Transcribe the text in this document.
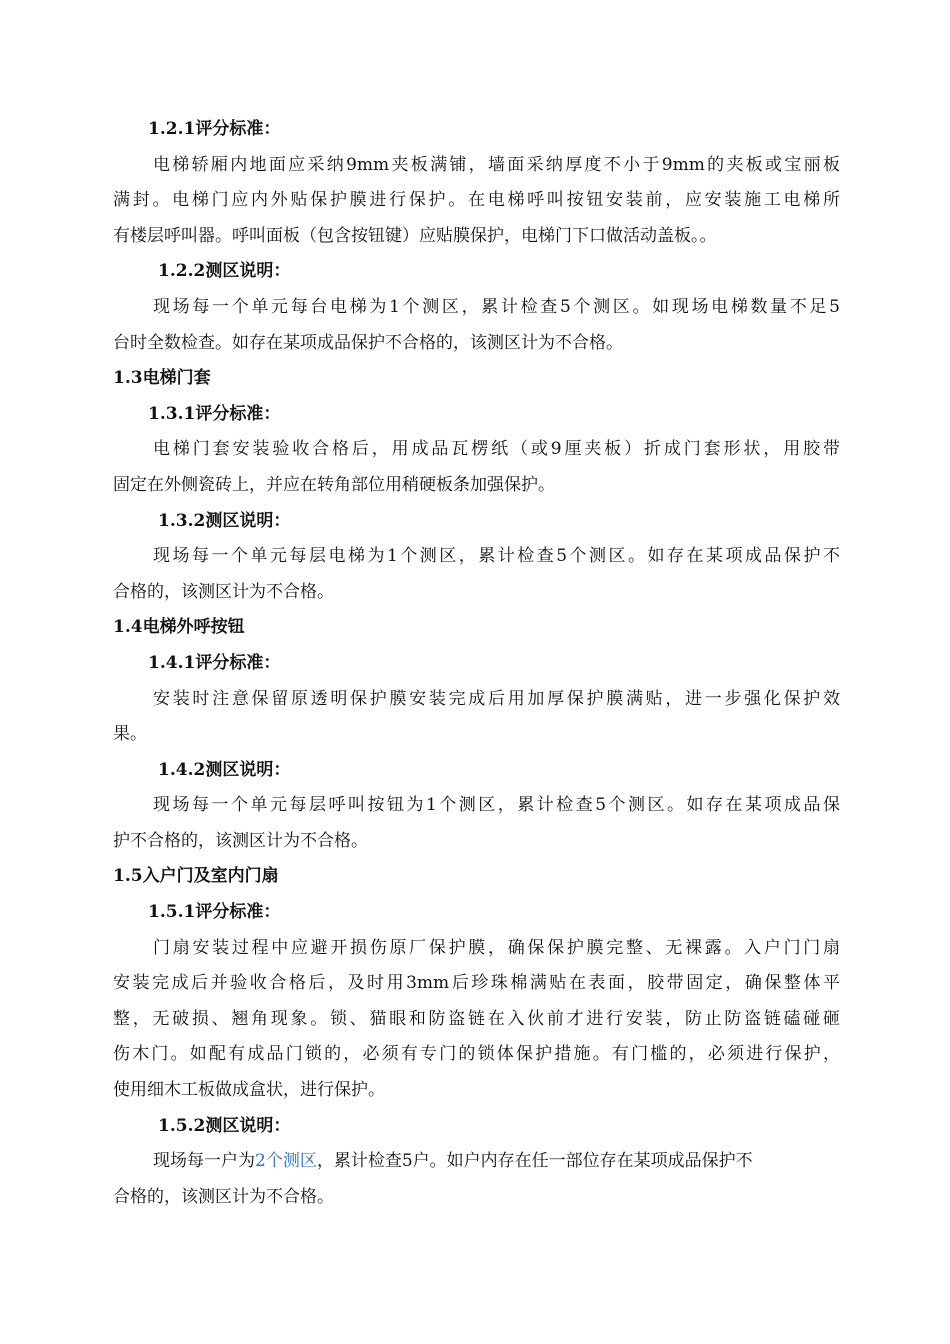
1.2.1评分标准：
电梯轿厢内地面应采纳9mm夹板满铺，墙面采纳厚度不小于9mm的夹板或宝丽板
满封。电梯门应内外贴保护膜进行保护。在电梯呼叫按钮安装前，应安装施工电梯所
有楼层呼叫器。呼叫面板（包含按钮键）应贴膜保护，电梯门下口做活动盖板。。
1.2.2测区说明：
现场每一个单元每台电梯为1个测区，累计检查5个测区。如现场电梯数量不足5
台时全数检查。如存在某项成品保护不合格的，该测区计为不合格。
1.3电梯门套
1.3.1评分标准：
电梯门套安装验收合格后，用成品瓦楞纸（或9厘夹板）折成门套形状，用胶带
固定在外侧瓷砖上，并应在转角部位用稍硬板条加强保护。
1.3.2测区说明：
现场每一个单元每层电梯为1个测区，累计检查5个测区。如存在某项成品保护不
合格的，该测区计为不合格。
1.4电梯外呼按钮
1.4.1评分标准：
安装时注意保留原透明保护膜安装完成后用加厚保护膜满贴，进一步强化保护效
果。
1.4.2测区说明：
现场每一个单元每层呼叫按钮为1个测区，累计检查5个测区。如存在某项成品保
护不合格的，该测区计为不合格。
1.5入户门及室内门扇
1.5.1评分标准：
门扇安装过程中应避开损伤原厂保护膜，确保保护膜完整、无裸露。入户门门扇
安装完成后并验收合格后，及时用3mm后珍珠棉满贴在表面，胶带固定，确保整体平
整，无破损、翘角现象。锁、猫眼和防盗链在入伙前才进行安装，防止防盗链磕碰砸
伤木门。如配有成品门锁的，必须有专门的锁体保护措施。有门槛的，必须进行保护，
使用细木工板做成盒状，进行保护。
1.5.2测区说明：
现场每一户为2个测区，累计检查5户。如户内存在任一部位存在某项成品保护不
合格的，该测区计为不合格。
